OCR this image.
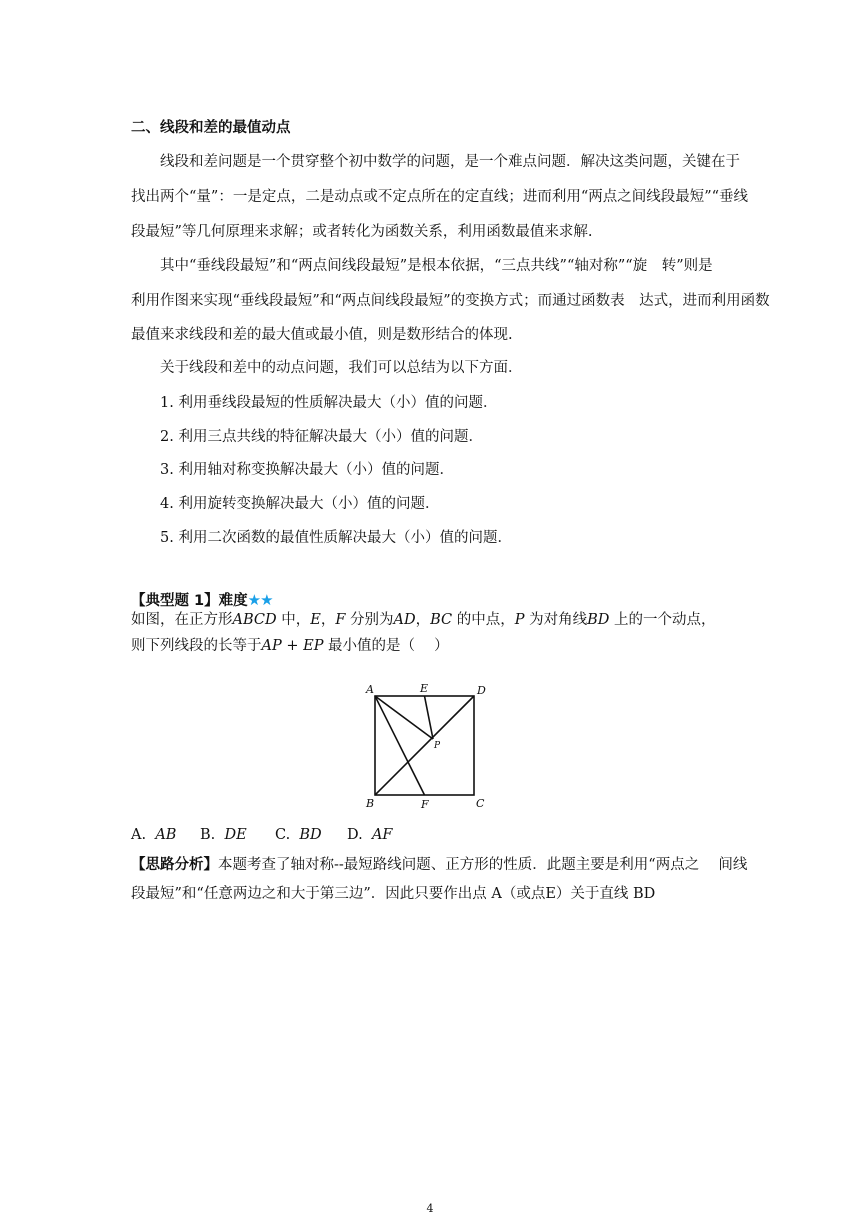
二、线段和差的最值动点
线段和差问题是一个贯穿整个初中数学的问题，是一个难点问题．解决这类问题，关键在于
找出两个“量”：一是定点，二是动点或不定点所在的定直线；进而利用“两点之间线段最短”“垂线
段最短”等几何原理来求解；或者转化为函数关系，利用函数最值来求解.
其中“垂线段最短”和“两点间线段最短”是根本依据，“三点共线”“轴对称”“旋　转”则是
利用作图来实现“垂线段最短”和“两点间线段最短”的变换方式；而通过函数表　达式，进而利用函数
最值来求线段和差的最大值或最小值，则是数形结合的体现.
关于线段和差中的动点问题，我们可以总结为以下方面．
1. 利用垂线段最短的性质解决最大（小）值的问题．
2. 利用三点共线的特征解决最大（小）值的问题．
3. 利用轴对称变换解决最大（小）值的问题．
4. 利用旋转变换解决最大（小）值的问题．
5. 利用二次函数的最值性质解决最大（小）值的问题．
【典型题 1】难度★★
如图，在正方形ABCD 中，E，F 分别为AD，BC 的中点，P 为对角线BD 上的一个动点，
则下列线段的长等于AP + EP 最小值的是（　 ）
A	E	D
P
B	F	C
A. AB B. DE C. BD D. AF
【思路分析】本题考查了轴对称--最短路线问题、正方形的性质．此题主要是利用“两点之　 间线
段最短”和“任意两边之和大于第三边”．因此只要作出点 A（或点E）关于直线 BD
4
